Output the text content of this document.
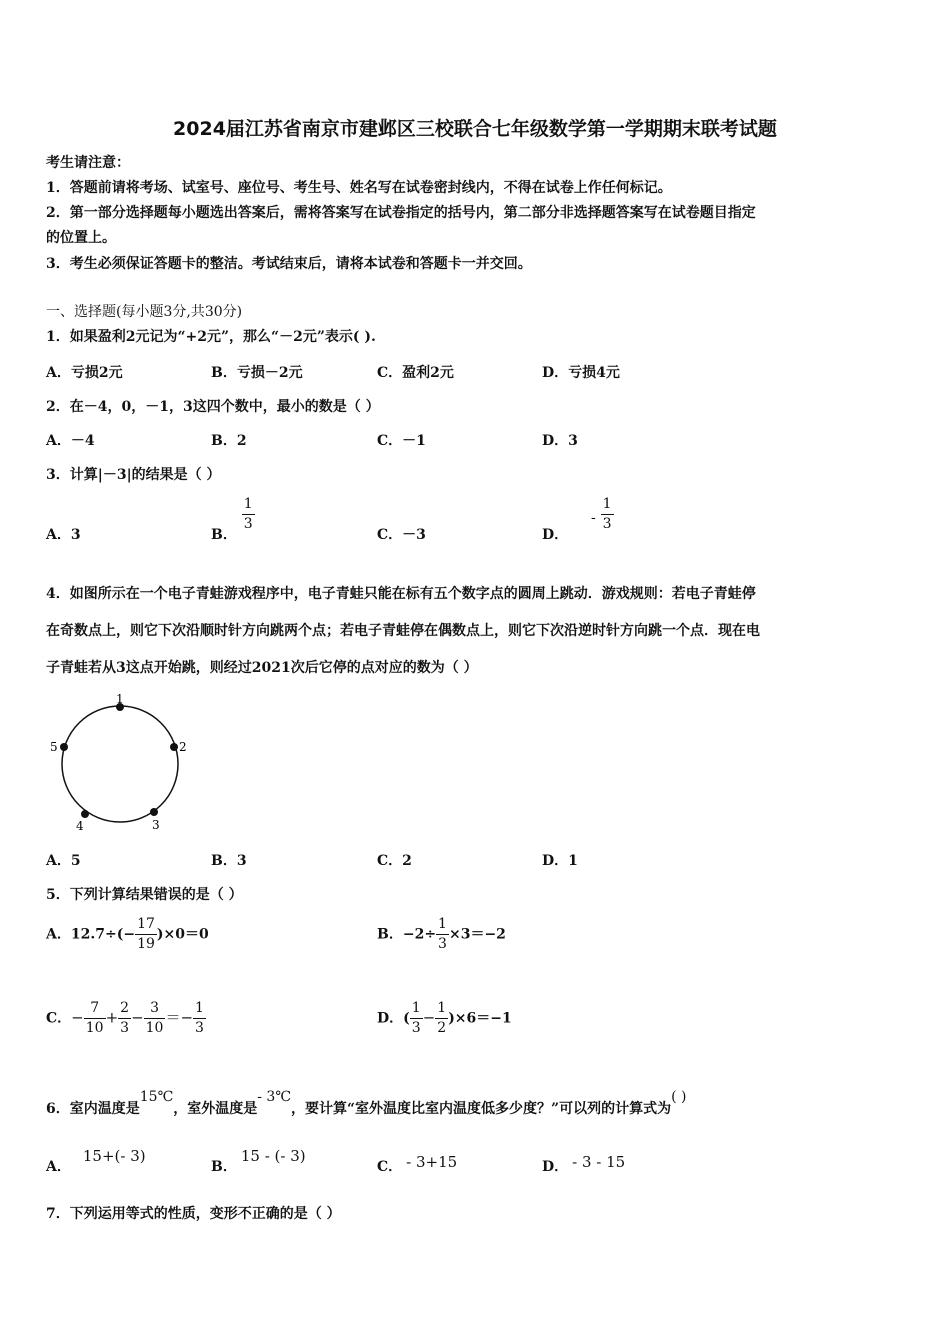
2024届江苏省南京市建邺区三校联合七年级数学第一学期期末联考试题
考生请注意：
1．答题前请将考场、试室号、座位号、考生号、姓名写在试卷密封线内，不得在试卷上作任何标记。
2．第一部分选择题每小题选出答案后，需将答案写在试卷指定的括号内，第二部分非选择题答案写在试卷题目指定
的位置上。
3．考生必须保证答题卡的整洁。考试结束后，请将本试卷和答题卡一并交回。
一、选择题(每小题3分,共30分)
1．如果盈利2元记为“+2元”，那么“－2元”表示( ).
A．亏损2元	B．亏损－2元	C．盈利2元	D．亏损4元
2．在－4，0，－1，3这四个数中，最小的数是（ ）
A．－4	B．2	C．－1	D．3
3．计算|－3|的结果是（ ）
A．3	B．
$\frac{1}{3}$
C．－3	D． - $\frac{1}{3}$
4．如图所示在一个电子青蛙游戏程序中，电子青蛙只能在标有五个数字点的圆周上跳动．游戏规则：若电子青蛙停
在奇数点上，则它下次沿顺时针方向跳两个点；若电子青蛙停在偶数点上，则它下次沿逆时针方向跳一个点．现在电
子青蛙若从3这点开始跳，则经过2021次后它停的点对应的数为（ ）
1
2
3
4
5
A．5	B．3	C．2	D．1
5．下列计算结果错误的是（ ）
A．$12.7\div(- \frac{17}{19} )\times 0=0$	B．$-2\div \frac{1}{3} \times 3=-2$
C．− $\frac{7}{10} + \frac{2}{3} - \frac{3}{10} =- \frac{1}{3}$	D．( $\frac{1}{3} - \frac{1}{2} )\times 6=-1$
6．室内温度是15℃，室外温度是- 3℃，要计算“室外温度比室内温度低多少度？”可以列的计算式为( )
A．15+(- 3)
B．15 - (- 3)
C． - 3+15	D． - 3 - 15
7．下列运用等式的性质，变形不正确的是（ ）
